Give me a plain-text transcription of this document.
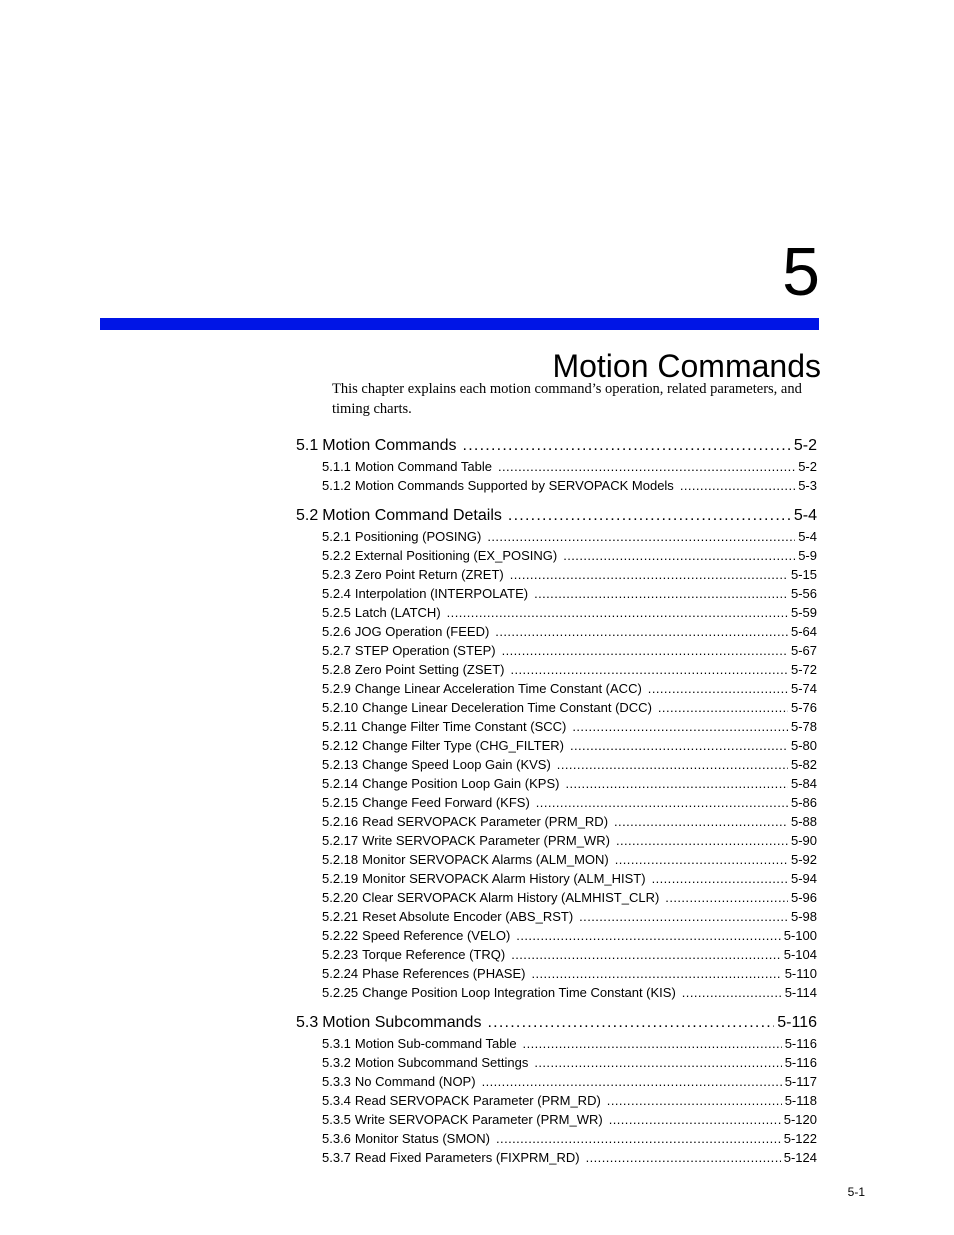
5
Motion Commands
This chapter explains each motion command’s operation, related parameters, and timing charts.
5.1 Motion Commands . . .	5-2
5.1.1 Motion Command Table . . .	5-2
5.1.2 Motion Commands Supported by SERVOPACK Models . . .	5-3
5.2 Motion Command Details . . .	5-4
5.2.1 Positioning (POSING) . . .	5-4
5.2.2 External Positioning (EX_POSING) . . .	5-9
5.2.3 Zero Point Return (ZRET) . . .	5-15
5.2.4 Interpolation (INTERPOLATE) . . .	5-56
5.2.5 Latch (LATCH) . . .	5-59
5.2.6 JOG Operation (FEED) . . .	5-64
5.2.7 STEP Operation (STEP) . . .	5-67
5.2.8 Zero Point Setting (ZSET) . . .	5-72
5.2.9 Change Linear Acceleration Time Constant (ACC) . . .	5-74
5.2.10 Change Linear Deceleration Time Constant (DCC) . . .	5-76
5.2.11 Change Filter Time Constant (SCC) . . .	5-78
5.2.12 Change Filter Type (CHG_FILTER) . . .	5-80
5.2.13 Change Speed Loop Gain (KVS) . . .	5-82
5.2.14 Change Position Loop Gain (KPS) . . .	5-84
5.2.15 Change Feed Forward (KFS) . . .	5-86
5.2.16 Read SERVOPACK Parameter (PRM_RD) . . .	5-88
5.2.17 Write SERVOPACK Parameter (PRM_WR) . . .	5-90
5.2.18 Monitor SERVOPACK Alarms (ALM_MON) . . .	5-92
5.2.19 Monitor SERVOPACK Alarm History (ALM_HIST) . . .	5-94
5.2.20 Clear SERVOPACK Alarm History (ALMHIST_CLR) . . .	5-96
5.2.21 Reset Absolute Encoder (ABS_RST) . . .	5-98
5.2.22 Speed Reference (VELO) . . .	5-100
5.2.23 Torque Reference (TRQ) . . .	5-104
5.2.24 Phase References (PHASE) . . .	5-110
5.2.25 Change Position Loop Integration Time Constant (KIS) . . .	5-114
5.3 Motion Subcommands . . .	5-116
5.3.1 Motion Sub-command Table . . .	5-116
5.3.2 Motion Subcommand Settings . . .	5-116
5.3.3 No Command (NOP) . . .	5-117
5.3.4 Read SERVOPACK Parameter (PRM_RD) . . .	5-118
5.3.5 Write SERVOPACK Parameter (PRM_WR) . . .	5-120
5.3.6 Monitor Status (SMON) . . .	5-122
5.3.7 Read Fixed Parameters (FIXPRM_RD) . . .	5-124
5-1
